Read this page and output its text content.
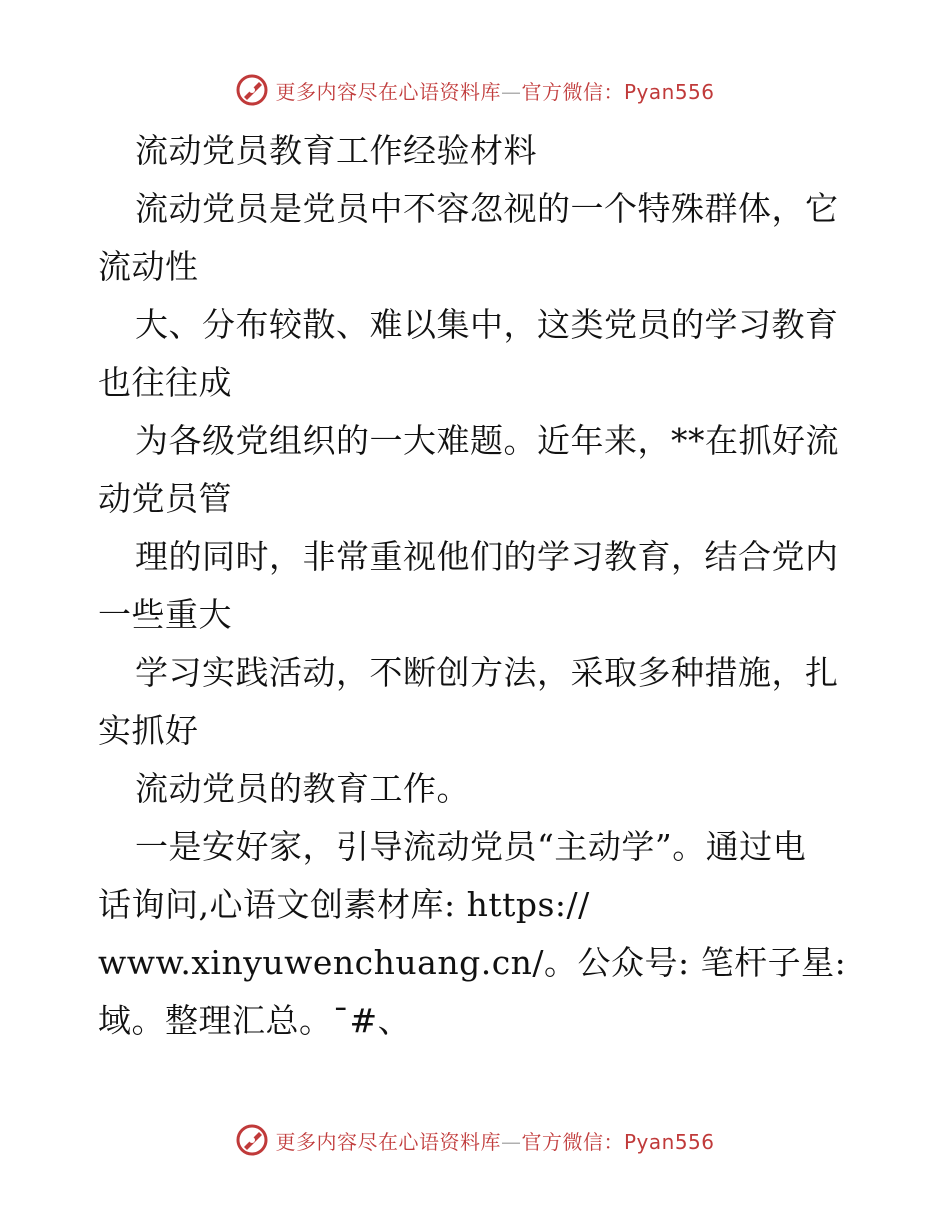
更多内容尽在心语资料库—官方微信：Pyan556
流动党员教育工作经验材料
流动党员是党员中不容忽视的一个特殊群体，它
流动性
大、分布较散、难以集中，这类党员的学习教育
也往往成
为各级党组织的一大难题。近年来，**在抓好流
动党员管
理的同时，非常重视他们的学习教育，结合党内
一些重大
学习实践活动，不断创方法，采取多种措施，扎
实抓好
流动党员的教育工作。
一是安好家，引导流动党员“主动学”。通过电
话询问,心语文创素材库: https://
www.xinyuwenchuang.cn/。公众号: 笔杆子星:
域。整理汇总。¯#、
更多内容尽在心语资料库—官方微信：Pyan556
